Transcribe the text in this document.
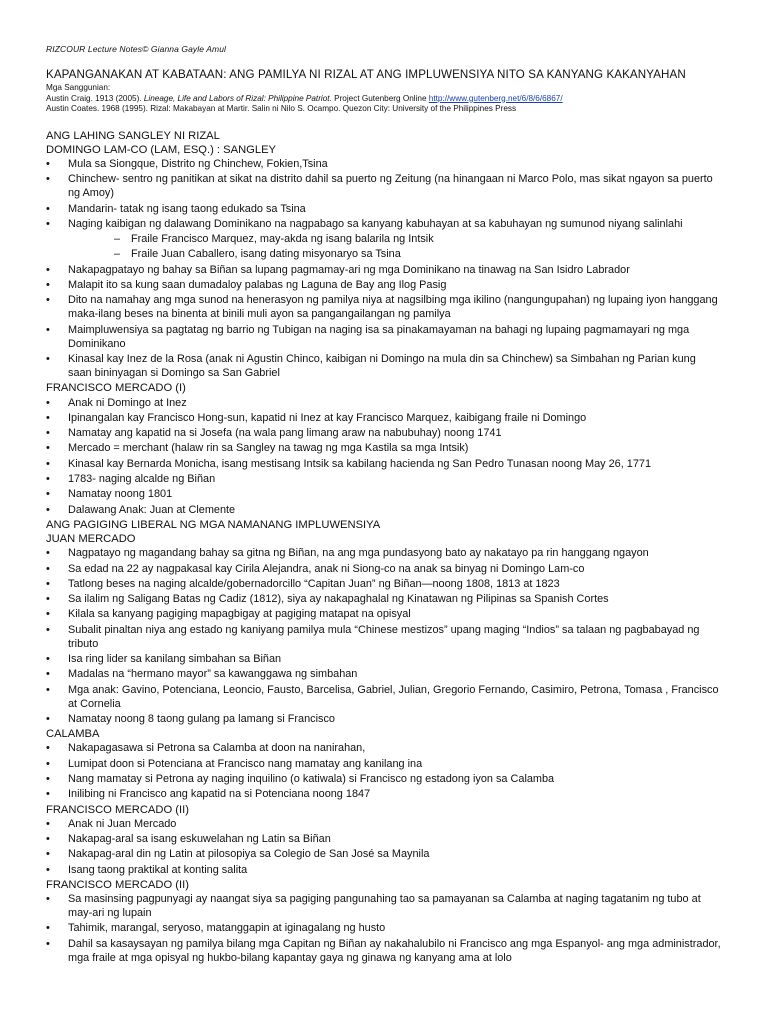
RIZCOUR Lecture Notes© Gianna Gayle Amul
KAPANGANAKAN AT KABATAAN: ANG PAMILYA NI RIZAL AT ANG IMPLUWENSIYA NITO SA KANYANG KAKANYAHAN
Mga Sanggunian:
Austin Craig. 1913 (2005). Lineage, Life and Labors of Rizal: Philippine Patriot. Project Gutenberg Online http://www.gutenberg.net/6/8/6/6867/
Austin Coates. 1968 (1995). Rizal: Makabayan at Martir. Salin ni Nilo S. Ocampo. Quezon City: University of the Philippines Press
ANG LAHING SANGLEY NI RIZAL
DOMINGO LAM-CO (LAM, ESQ.) : SANGLEY
• Mula sa Siongque, Distrito ng Chinchew, Fokien,Tsina
• Chinchew- sentro ng panitikan at sikat na distrito dahil sa puerto ng Zeitung (na hinangaan ni Marco Polo, mas sikat ngayon sa puerto ng Amoy)
• Mandarin- tatak ng isang taong edukado sa Tsina
• Naging kaibigan ng dalawang Dominikano na nagpabago sa kanyang kabuhayan at sa kabuhayan ng sumunod niyang salinlahi
– Fraile Francisco Marquez, may-akda ng isang balarila ng Intsik
– Fraile Juan Caballero, isang dating misyonaryo sa Tsina
• Nakapagpatayo ng bahay sa Biñan sa lupang pagmamay-ari ng mga Dominikano na tinawag na San Isidro Labrador
• Malapit ito sa kung saan dumadaloy palabas ng Laguna de Bay ang Ilog Pasig
• Dito na namahay ang mga sunod na henerasyon ng pamilya niya at nagsilbing mga ikilino (nangungupahan) ng lupaing iyon hanggang maka-ilang beses na binenta at binili muli ayon sa pangangailangan ng pamilya
• Maimpluwensiya sa pagtatag ng barrio ng Tubigan na naging isa sa pinakamayaman na bahagi ng lupaing pagmamayari ng mga Dominikano
• Kinasal kay Inez de la Rosa (anak ni Agustin Chinco, kaibigan ni Domingo na mula din sa Chinchew) sa Simbahan ng Parian kung saan bininyagan si Domingo sa San Gabriel
FRANCISCO MERCADO (I)
• Anak ni Domingo at Inez
• Ipinangalan kay Francisco Hong-sun, kapatid ni Inez at kay Francisco Marquez, kaibigang fraile ni Domingo
• Namatay ang kapatid na si Josefa (na wala pang limang araw na nabubuhay) noong 1741
• Mercado = merchant (halaw rin sa Sangley na tawag ng mga Kastila sa mga Intsik)
• Kinasal kay Bernarda Monicha, isang mestisang Intsik sa kabilang hacienda ng San Pedro Tunasan noong May 26, 1771
• 1783- naging alcalde ng Biñan
• Namatay noong 1801
• Dalawang Anak: Juan at Clemente
ANG PAGIGING LIBERAL NG MGA NAMANANG IMPLUWENSIYA
JUAN MERCADO
• Nagpatayo ng magandang bahay sa gitna ng Biñan, na ang mga pundasyong bato ay nakatayo pa rin hanggang ngayon
• Sa edad na 22 ay nagpakasal kay Cirila Alejandra, anak ni Siong-co na anak sa binyag ni Domingo Lam-co
• Tatlong beses na naging alcalde/gobernadorcillo “Capitan Juan” ng Biñan—noong 1808, 1813 at 1823
• Sa ilalim ng Saligang Batas ng Cadiz (1812), siya ay nakapaghalal ng Kinatawan ng Pilipinas sa Spanish Cortes
• Kilala sa kanyang pagiging mapagbigay at pagiging matapat na opisyal
• Subalit pinaltan niya ang estado ng kaniyang pamilya mula “Chinese mestizos” upang maging “Indios” sa talaan ng pagbabayad ng tributo
• Isa ring lider sa kanilang simbahan sa Biñan
• Madalas na “hermano mayor” sa kawanggawa ng simbahan
• Mga anak: Gavino, Potenciana, Leoncio, Fausto, Barcelisa, Gabriel, Julian, Gregorio Fernando, Casimiro, Petrona, Tomasa , Francisco at Cornelia
• Namatay noong 8 taong gulang pa lamang si Francisco
CALAMBA
• Nakapagasawa si Petrona sa Calamba at doon na nanirahan,
• Lumipat doon si Potenciana at Francisco nang mamatay ang kanilang ina
• Nang mamatay si Petrona ay naging inquilino (o katiwala) si Francisco ng estadong iyon sa Calamba
• Inilibing ni Francisco ang kapatid na si Potenciana noong 1847
FRANCISCO MERCADO (II)
• Anak ni Juan Mercado
• Nakapag-aral sa isang eskuwelahan ng Latin sa Biñan
• Nakapag-aral din ng Latin at pilosopiya sa Colegio de San José sa Maynila
• Isang taong praktikal at konting salita
FRANCISCO MERCADO (II)
• Sa masinsing pagpunyagi ay naangat siya sa pagiging pangunahing tao sa pamayanan sa Calamba at naging tagatanim ng tubo at may-ari ng lupain
• Tahimik, marangal, seryoso, matanggapin at iginagalang ng husto
• Dahil sa kasaysayan ng pamilya bilang mga Capitan ng Biñan ay nakahalubilo ni Francisco ang mga Espanyol- ang mga administrador, mga fraile at mga opisyal ng hukbo-bilang kapantay gaya ng ginawa ng kanyang ama at lolo
